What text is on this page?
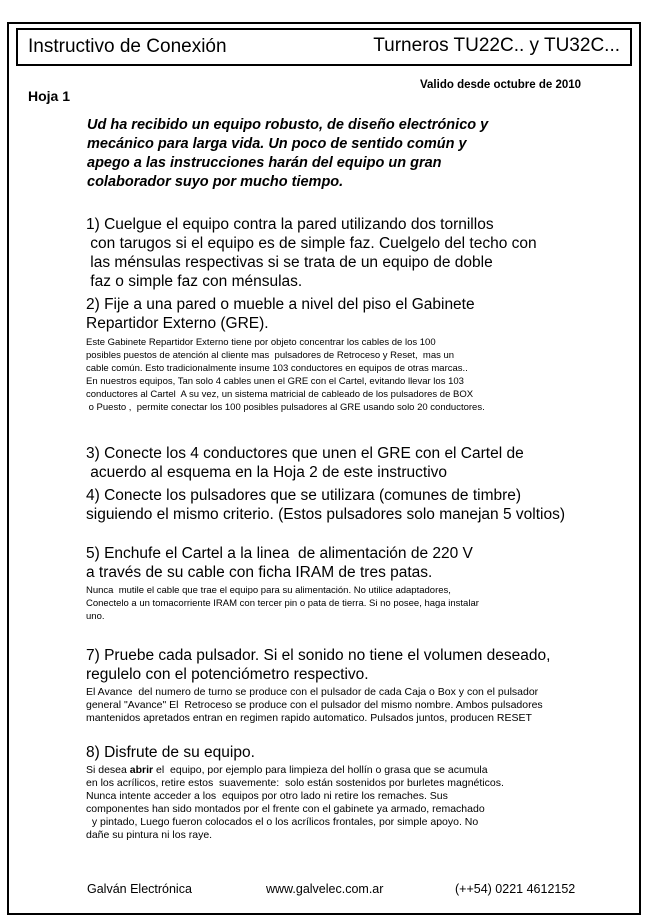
Instructivo de Conexión	Turneros TU22C.. y TU32C...
Valido desde octubre de 2010
Hoja 1
Ud ha recibido un equipo robusto, de diseño electrónico y
mecánico para larga vida. Un poco de sentido común y
apego a las instrucciones harán del equipo un gran
colaborador suyo por mucho tiempo.
1) Cuelgue el equipo contra la pared utilizando dos tornillos
con tarugos si el equipo es de simple faz. Cuelgelo del techo con
las ménsulas respectivas si se trata de un equipo de doble
faz o simple faz con ménsulas.
2) Fije a una pared o mueble a nivel del piso el Gabinete
Repartidor Externo (GRE).
Este Gabinete Repartidor Externo tiene por objeto concentrar los cables de los 100
posibles puestos de atención al cliente mas  pulsadores de Retroceso y Reset,  mas un
cable común. Esto tradicionalmente insume 103 conductores en equipos de otras marcas..
En nuestros equipos, Tan solo 4 cables unen el GRE con el Cartel, evitando llevar los 103
conductores al Cartel  A su vez, un sistema matricial de cableado de los pulsadores de BOX
o Puesto ,  permite conectar los 100 posibles pulsadores al GRE usando solo 20 conductores.
3) Conecte los 4 conductores que unen el GRE con el Cartel de
acuerdo al esquema en la Hoja 2 de este instructivo
4) Conecte los pulsadores que se utilizara (comunes de timbre)
siguiendo el mismo criterio. (Estos pulsadores solo manejan 5 voltios)
5) Enchufe el Cartel a la linea  de alimentación de 220 V
a través de su cable con ficha IRAM de tres patas.
Nunca  mutile el cable que trae el equipo para su alimentación. No utilice adaptadores,
Conectelo a un tomacorriente IRAM con tercer pin o pata de tierra. Si no posee, haga instalar
uno.
7) Pruebe cada pulsador. Si el sonido no tiene el volumen deseado,
regulelo con el potenciómetro respectivo.
El Avance  del numero de turno se produce con el pulsador de cada Caja o Box y con el pulsador
general "Avance" El  Retroceso se produce con el pulsador del mismo nombre. Ambos pulsadores
mantenidos apretados entran en regimen rapido automatico. Pulsados juntos, producen RESET
8) Disfrute de su equipo.
Si desea abrir el  equipo, por ejemplo para limpieza del hollín o grasa que se acumula
en los acrílicos, retire estos  suavemente:  solo están sostenidos por burletes magnéticos.
Nunca intente acceder a los  equipos por otro lado ni retire los remaches. Sus
componentes han sido montados por el frente con el gabinete ya armado, remachado
y pintado, Luego fueron colocados el o los acrílicos frontales, por simple apoyo. No
dañe su pintura ni los raye.
Galván Electrónica	www.galvelec.com.ar	(++54) 0221 4612152
